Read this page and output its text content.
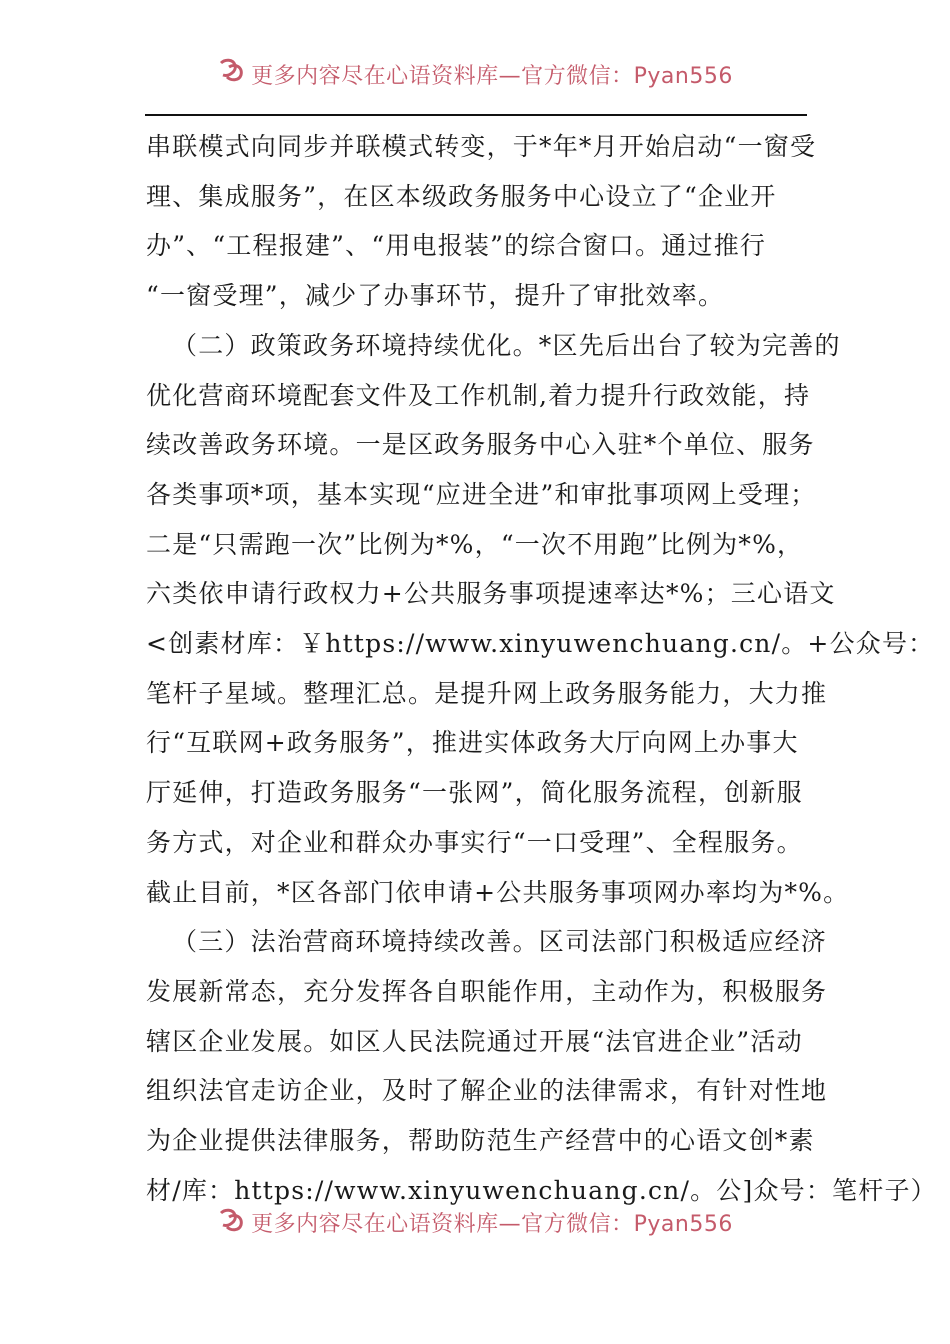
更多内容尽在心语资料库—官方微信：Pyan556

串联模式向同步并联模式转变，于*年*月开始启动“一窗受

理、集成服务”，在区本级政务服务中心设立了“企业开

办”、“工程报建”、“用电报装”的综合窗口。通过推行

“一窗受理”，减少了办事环节，提升了审批效率。

（二）政策政务环境持续优化。*区先后出台了较为完善的

优化营商环境配套文件及工作机制,着力提升行政效能，持

续改善政务环境。一是区政务服务中心入驻*个单位、服务

各类事项*项，基本实现“应进全进”和审批事项网上受理；

二是“只需跑一次”比例为*%，“一次不用跑”比例为*%，

六类依申请行政权力+公共服务事项提速率达*%；三心语文

<创素材库：￥https://www.xinyuwenchuang.cn/。+公众号：

笔杆子星域。整理汇总。是提升网上政务服务能力，大力推

行“互联网+政务服务”，推进实体政务大厅向网上办事大

厅延伸，打造政务服务“一张网”，简化服务流程，创新服

务方式，对企业和群众办事实行“一口受理”、全程服务。

截止目前，*区各部门依申请+公共服务事项网办率均为*%。

（三）法治营商环境持续改善。区司法部门积极适应经济

发展新常态，充分发挥各自职能作用，主动作为，积极服务

辖区企业发展。如区人民法院通过开展“法官进企业”活动

组织法官走访企业，及时了解企业的法律需求，有针对性地

为企业提供法律服务，帮助防范生产经营中的心语文创*素

材/库：https://www.xinyuwenchuang.cn/。公]众号：笔杆子）

更多内容尽在心语资料库—官方微信：Pyan556
